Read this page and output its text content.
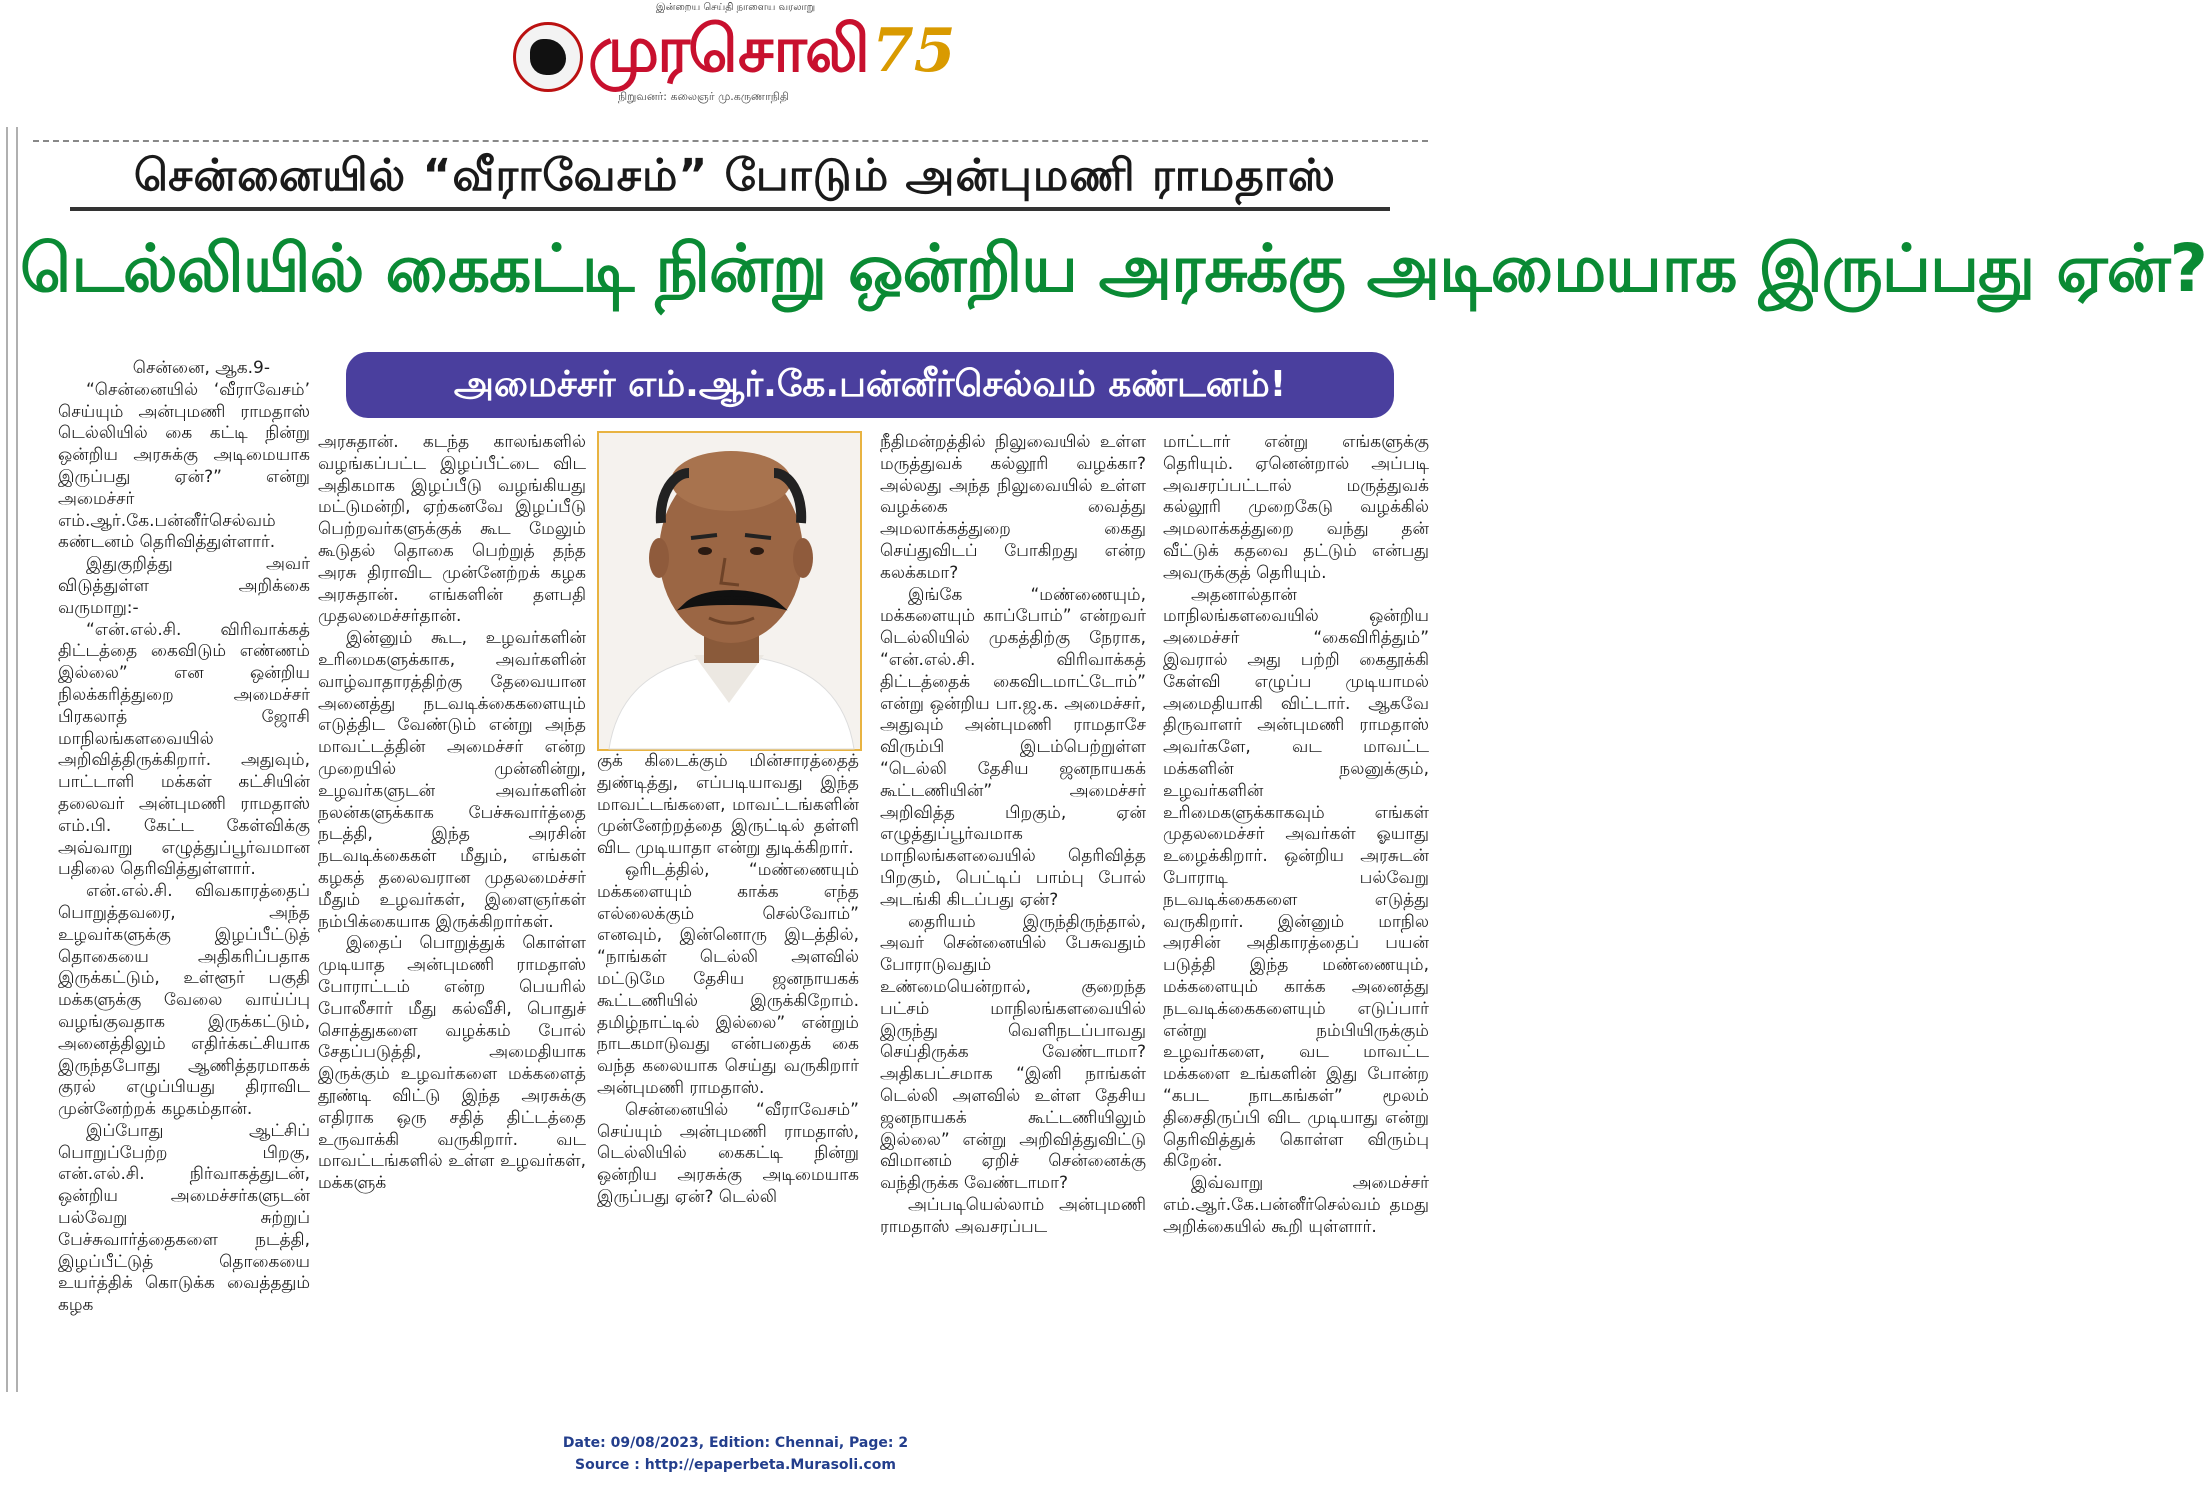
இன்றைய செய்தி நாளைய வரலாறு
முரசொலி
நிறுவனர்: கலைஞர் மு.கருணாநிதி
75
சென்னையில் “வீராவேசம்” போடும் அன்புமணி ராமதாஸ்
டெல்லியில் கைகட்டி நின்று ஒன்றிய அரசுக்கு அடிமையாக இருப்பது ஏன்?
அமைச்சர் எம்.ஆர்.கே.பன்னீர்செல்வம் கண்டனம்!

சென்னை, ஆக.9-

“சென்னையில் ‘வீராவேசம்’ செய்யும் அன்புமணி ராமதாஸ் டெல்லியில் கை கட்டி நின்று ஒன்றிய அரசுக்கு அடிமையாக இருப்பது ஏன்?” என்று அமைச்சர் எம்.ஆர்.கே.பன்னீர்செல்வம் கண்டனம் தெரிவித்துள்ளார்.

இதுகுறித்து அவர் விடுத்துள்ள அறிக்கை வருமாறு:-

“என்.எல்.சி. விரிவாக்கத் திட்டத்தை கைவிடும் எண்ணம் இல்லை” என ஒன்றிய நிலக்கரித்துறை அமைச்சர் பிரகலாத் ஜோசி மாநிலங்களவையில் அறிவித்திருக்கிறார். அதுவும், பாட்டாளி மக்கள் கட்சியின் தலைவர் அன்புமணி ராமதாஸ் எம்.பி. கேட்ட கேள்விக்கு அவ்வாறு எழுத்துப்பூர்வமான பதிலை தெரிவித்துள்ளார்.

என்.எல்.சி. விவகாரத்தைப் பொறுத்தவரை, அந்த உழவர்களுக்கு இழப்பீட்டுத் தொகையை அதிகரிப்பதாக இருக்கட்டும், உள்ளூர் பகுதி மக்களுக்கு வேலை வாய்ப்பு வழங்குவதாக இருக்கட்டும், அனைத்திலும் எதிர்க்கட்சியாக இருந்தபோது ஆணித்தரமாகக் குரல் எழுப்பியது திராவிட முன்னேற்றக் கழகம்தான்.

இப்போது ஆட்சிப் பொறுப்பேற்ற பிறகு, என்.எல்.சி. நிர்வாகத்துடன், ஒன்றிய அமைச்சர்களுடன் பல்வேறு சுற்றுப் பேச்சுவார்த்தைகளை நடத்தி, இழப்பீட்டுத் தொகையை உயர்த்திக் கொடுக்க வைத்ததும் கழக

அரசுதான். கடந்த காலங்களில் வழங்கப்பட்ட இழப்பீட்டை விட அதிகமாக இழப்பீடு வழங்கியது மட்டுமன்றி, ஏற்கனவே இழப்பீடு பெற்றவர்களுக்குக் கூட மேலும் கூடுதல் தொகை பெற்றுத் தந்த அரசு திராவிட முன்னேற்றக் கழக அரசுதான். எங்களின் தளபதி முதலமைச்சர்தான்.

இன்னும் கூட, உழவர்களின் உரிமைகளுக்காக, அவர்களின் வாழ்வாதாரத்திற்கு தேவையான அனைத்து நடவடிக்கைகளையும் எடுத்திட வேண்டும் என்று அந்த மாவட்டத்தின் அமைச்சர் என்ற முறையில் முன்னின்று, உழவர்களுடன் அவர்களின் நலன்களுக்காக பேச்சுவார்த்தை நடத்தி, இந்த அரசின் நடவடிக்கைகள் மீதும், எங்கள் கழகத் தலைவரான முதலமைச்சர் மீதும் உழவர்கள், இளைஞர்கள் நம்பிக்கையாக இருக்கிறார்கள்.

இதைப் பொறுத்துக் கொள்ள முடியாத அன்புமணி ராமதாஸ் போராட்டம் என்ற பெயரில் போலீசார் மீது கல்வீசி, பொதுச் சொத்துகளை வழக்கம் போல் சேதப்படுத்தி, அமைதியாக இருக்கும் உழவர்களை மக்களைத் தூண்டி விட்டு இந்த அரசுக்கு எதிராக ஒரு சதித் திட்டத்தை உருவாக்கி வருகிறார். வட மாவட்டங்களில் உள்ள உழவர்கள், மக்களுக்

குக் கிடைக்கும் மின்சாரத்தைத் துண்டித்து, எப்படியாவது இந்த மாவட்டங்களை, மாவட்டங்களின் முன்னேற்றத்தை இருட்டில் தள்ளி விட முடியாதா என்று துடிக்கிறார்.

ஒரிடத்தில், “மண்ணையும் மக்களையும் காக்க எந்த எல்லைக்கும் செல்வோம்” எனவும், இன்னொரு இடத்தில், “நாங்கள் டெல்லி அளவில் மட்டுமே தேசிய ஜனநாயகக் கூட்டணியில் இருக்கிறோம். தமிழ்நாட்டில் இல்லை” என்றும் நாடகமாடுவது என்பதைக் கை வந்த கலையாக செய்து வருகிறார் அன்புமணி ராமதாஸ்.

சென்னையில் “வீராவேசம்” செய்யும் அன்புமணி ராமதாஸ், டெல்லியில் கைகட்டி நின்று ஒன்றிய அரசுக்கு அடிமையாக இருப்பது ஏன்? டெல்லி

நீதிமன்றத்தில் நிலுவையில் உள்ள மருத்துவக் கல்லூரி வழக்கா? அல்லது அந்த நிலுவையில் உள்ள வழக்கை வைத்து அமலாக்கத்துறை கைது செய்துவிடப் போகிறது என்ற கலக்கமா?

இங்கே “மண்ணையும், மக்களையும் காப்போம்” என்றவர் டெல்லியில் முகத்திற்கு நேராக, “என்.எல்.சி. விரிவாக்கத் திட்டத்தைக் கைவிடமாட்டோம்” என்று ஒன்றிய பா.ஜ.க. அமைச்சர், அதுவும் அன்புமணி ராமதாசே விரும்பி இடம்பெற்றுள்ள “டெல்லி தேசிய ஜனநாயகக் கூட்டணியின்” அமைச்சர் அறிவித்த பிறகும், ஏன் எழுத்துப்பூர்வமாக மாநிலங்களவையில் தெரிவித்த பிறகும், பெட்டிப் பாம்பு போல் அடங்கி கிடப்பது ஏன்?

தைரியம் இருந்திருந்தால், அவர் சென்னையில் பேசுவதும் போராடுவதும் உண்மையென்றால், குறைந்த பட்சம் மாநிலங்களவையில் இருந்து வெளிநடப்பாவது செய்திருக்க வேண்டாமா? அதிகபட்சமாக “இனி நாங்கள் டெல்லி அளவில் உள்ள தேசிய ஜனநாயகக் கூட்டணியிலும் இல்லை” என்று அறிவித்துவிட்டு விமானம் ஏறிச் சென்னைக்கு வந்திருக்க வேண்டாமா?

அப்படியெல்லாம் அன்புமணி ராமதாஸ் அவசரப்பட

மாட்டார் என்று எங்களுக்கு தெரியும். ஏனென்றால் அப்படி அவசரப்பட்டால் மருத்துவக் கல்லூரி முறைகேடு வழக்கில் அமலாக்கத்துறை வந்து தன் வீட்டுக் கதவை தட்டும் என்பது அவருக்குத் தெரியும்.

அதனால்தான் மாநிலங்களவையில் ஒன்றிய அமைச்சர் “கைவிரித்தும்” இவரால் அது பற்றி கைதூக்கி கேள்வி எழுப்ப முடியாமல் அமைதியாகி விட்டார். ஆகவே திருவாளர் அன்புமணி ராமதாஸ் அவர்களே, வட மாவட்ட மக்களின் நலனுக்கும், உழவர்களின் உரிமைகளுக்காகவும் எங்கள் முதலமைச்சர் அவர்கள் ஓயாது உழைக்கிறார். ஒன்றிய அரசுடன் போராடி பல்வேறு நடவடிக்கைகளை எடுத்து வருகிறார். இன்னும் மாநில அரசின் அதிகாரத்தைப் பயன் படுத்தி இந்த மண்ணையும், மக்களையும் காக்க அனைத்து நடவடிக்கைகளையும் எடுப்பார் என்று நம்பியிருக்கும் உழவர்களை, வட மாவட்ட மக்களை உங்களின் இது போன்ற “கபட நாடகங்கள்” மூலம் திசைதிருப்பி விட முடியாது என்று தெரிவித்துக் கொள்ள விரும்பு கிறேன்.

இவ்வாறு அமைச்சர் எம்.ஆர்.கே.பன்னீர்செல்வம் தமது அறிக்கையில் கூறி யுள்ளார்.

Date: 09/08/2023, Edition: Chennai, Page: 2
Source : http://epaperbeta.Murasoli.com
